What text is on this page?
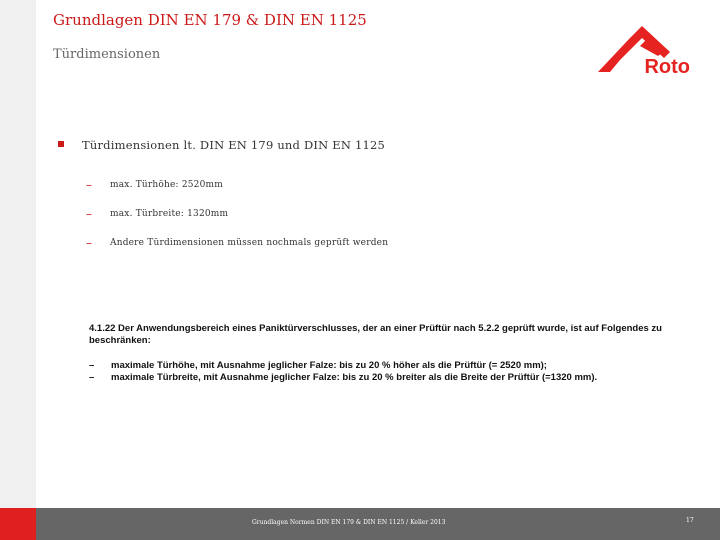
Grundlagen DIN EN 179 & DIN EN 1125
Türdimensionen
Roto
Türdimensionen lt. DIN EN 179 und DIN EN 1125
–	max. Türhöhe: 2520mm
–	max. Türbreite: 1320mm
–	Andere Türdimensionen müssen nochmals geprüft werden

4.1.22 Der Anwendungsbereich eines Paniktürverschlusses, der an einer Prüftür nach 5.2.2 geprüft wurde, ist auf Folgendes zu beschränken:

–	maximale Türhöhe, mit Ausnahme jeglicher Falze: bis zu 20 % höher als die Prüftür (= 2520 mm);
–	maximale Türbreite, mit Ausnahme jeglicher Falze: bis zu 20 % breiter als die Breite der Prüftür (=1320 mm).
Grundlagen Normen DIN EN 179 & DIN EN 1125 / Keller 2013	17
